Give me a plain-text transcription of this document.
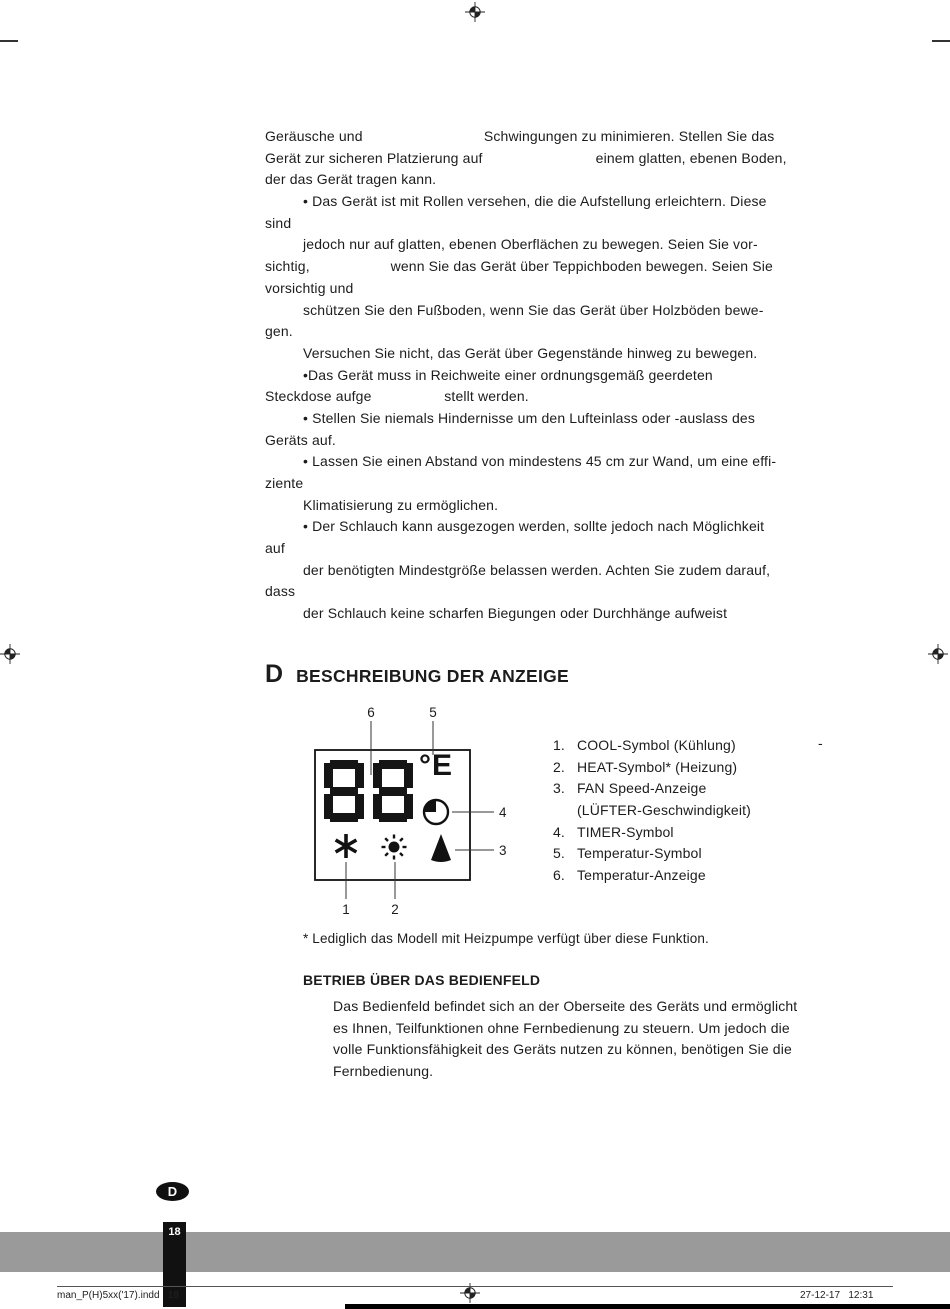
Geräusche und                              Schwingungen zu minimieren. Stellen Sie das
Gerät zur sicheren Platzierung auf                            einem glatten, ebenen Boden,
der das Gerät tragen kann.
• Das Gerät ist mit Rollen versehen, die die Aufstellung erleichtern. Diese
sind
jedoch nur auf glatten, ebenen Oberflächen zu bewegen. Seien Sie vor-
sichtig,                    wenn Sie das Gerät über Teppichboden bewegen. Seien Sie
vorsichtig und
schützen Sie den Fußboden, wenn Sie das Gerät über Holzböden bewe-
gen.
Versuchen Sie nicht, das Gerät über Gegenstände hinweg zu bewegen.
•Das Gerät muss in Reichweite einer ordnungsgemäß geerdeten
Steckdose aufge                  stellt werden.
• Stellen Sie niemals Hindernisse um den Lufteinlass oder -auslass des
Geräts auf.
• Lassen Sie einen Abstand von mindestens 45 cm zur Wand, um eine effi-
ziente
Klimatisierung zu ermöglichen.
• Der Schlauch kann ausgezogen werden, sollte jedoch nach Möglichkeit
auf
der benötigten Mindestgröße belassen werden. Achten Sie zudem darauf,
dass
der Schlauch keine scharfen Biegungen oder Durchhänge aufweist
D BESCHREIBUNG DER ANZEIGE
°E
6	5
4
3
1	2
1. COOL-Symbol (Kühlung)
2. HEAT-Symbol* (Heizung)
3. FAN Speed-Anzeige
(LÜFTER-Geschwindigkeit)
4. TIMER-Symbol
5. Temperatur-Symbol
6. Temperatur-Anzeige
-
* Lediglich das Modell mit Heizpumpe verfügt über diese Funktion.
BETRIEB ÜBER DAS BEDIENFELD
Das Bedienfeld befindet sich an der Oberseite des Geräts und ermöglicht
es Ihnen, Teilfunktionen ohne Fernbedienung zu steuern. Um jedoch die
volle Funktionsfähigkeit des Geräts nutzen zu können, benötigen Sie die
Fernbedienung.
D
18
man_P(H)5xx('17).indd   18	27-12-17   12:31
